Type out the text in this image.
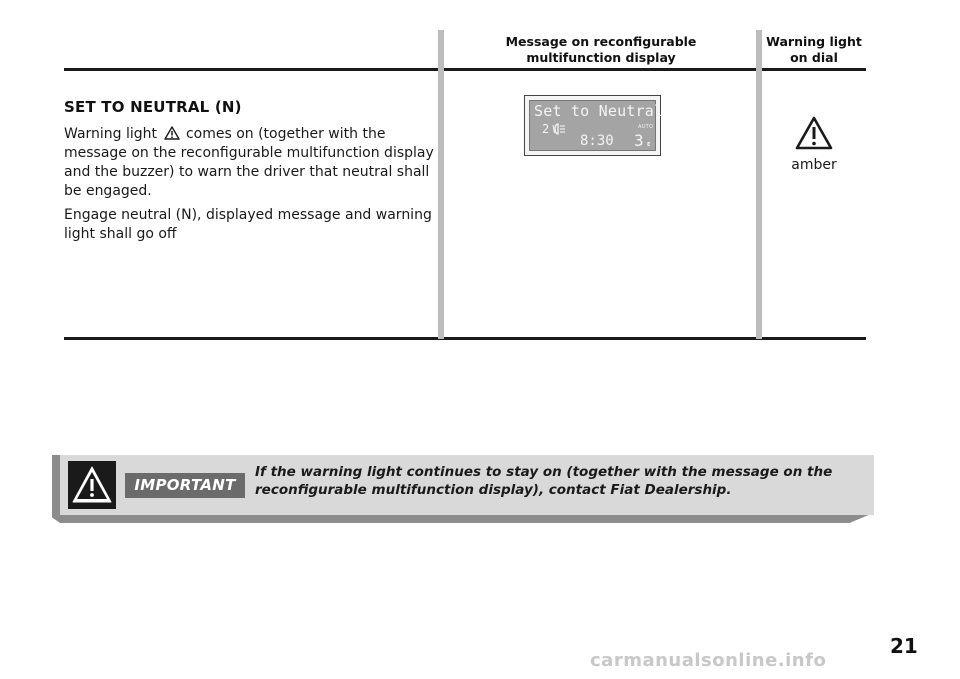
Message on reconfigurable
multifunction display
Warning light
on dial
SET TO NEUTRAL (N)
Warning light comes on (together with the message on the reconfigurable multifunction display and the buzzer) to warn the driver that neutral shall be engaged.
Engage neutral (N), displayed message and warning light shall go off
Set to Neutral
2	AUTO
8:30 3 E
amber
IMPORTANT
If the warning light continues to stay on (together with the message on the
reconfigurable multifunction display), contact Fiat Dealership.
21
carmanualsonline.info
